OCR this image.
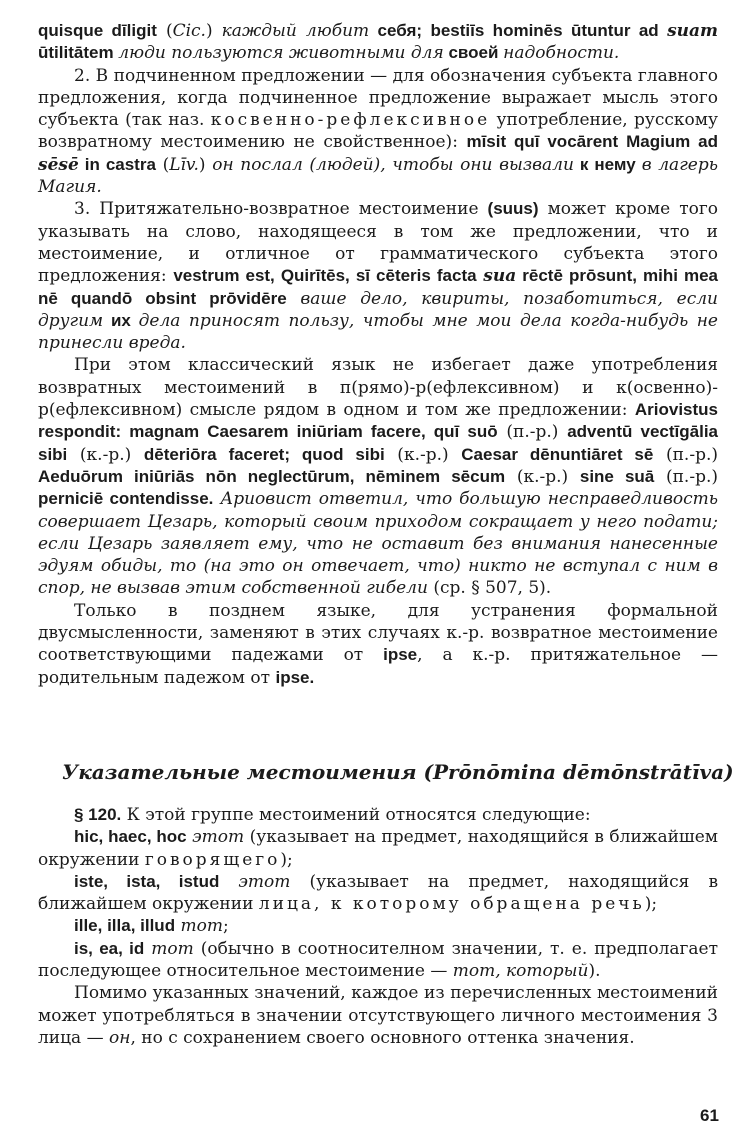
quisque dīligit (Cic.) каждый любит себя; bestiīs hominēs ūtuntur ad suam ūtilitātem люди пользуются животными для своей надобности.

2. В подчиненном предложении — для обозначения субъекта главного предложения, когда подчиненное предложение выражает мысль этого субъекта (так наз. косвенно-рефлексивное употребление, русскому возвратному местоимению не свойственное): mīsit quī vocārent Magium ad sēsē in castra (Līv.) он послал (людей), чтобы они вызвали к нему в лагерь Магия.

3. Притяжательно-возвратное местоимение (suus) может кроме того указывать на слово, находящееся в том же предложении, что и местоимение, и отличное от грамматического субъекта этого предложения: vestrum est, Quirītēs, sī cēteris facta sua rēctē prōsunt, mihi mea nē quandō obsint prōvidēre ваше дело, квириты, позаботиться, если другим их дела приносят пользу, чтобы мне мои дела когда-нибудь не принесли вреда.

При этом классический язык не избегает даже употребления возвратных местоимений в п(рямо)-р(ефлексивном) и к(освенно)-р(ефлексивном) смысле рядом в одном и том же предложении: Ariovistus respondit: magnam Caesarem iniūriam facere, quī suō (п.-р.) adventū vectīgālia sibi (к.-р.) dēteriōra faceret; quod sibi (к.-р.) Caesar dēnuntiāret sē (п.-р.) Aeduōrum iniūriās nōn neglectūrum, nēminem sēcum (к.-р.) sine suā (п.-р.) perniciē contendisse. Ариовист ответил, что большую несправедливость совершает Цезарь, который своим приходом сокращает у него подати; если Цезарь заявляет ему, что не оставит без внимания нанесенные эдуям обиды, то (на это он отвечает, что) никто не вступал с ним в спор, не вызвав этим собственной гибели (ср. § 507, 5).

Только в позднем языке, для устранения формальной двусмысленности, заменяют в этих случаях к.-р. возвратное местоимение соответствующими падежами от ipse, а к.-р. притяжательное — родительным падежом от ipse.

Указательные местоимения (Prōnōmina dēmōnstrātīva)

§ 120. К этой группе местоимений относятся следующие:

hic, haec, hoc этот (указывает на предмет, находящийся в ближайшем окружении говорящего);

iste, ista, istud этот (указывает на предмет, находящийся в ближайшем окружении лица, к которому обращена речь);

ille, illa, illud тот;

is, ea, id тот (обычно в соотносителном значении, т. е. предполагает последующее относительное местоимение — тот, который).

Помимо указанных значений, каждое из перечисленных местоимений может употребляться в значении отсутствующего личного местоимения 3 лица — он, но с сохранением своего основного оттенка значения.

61
